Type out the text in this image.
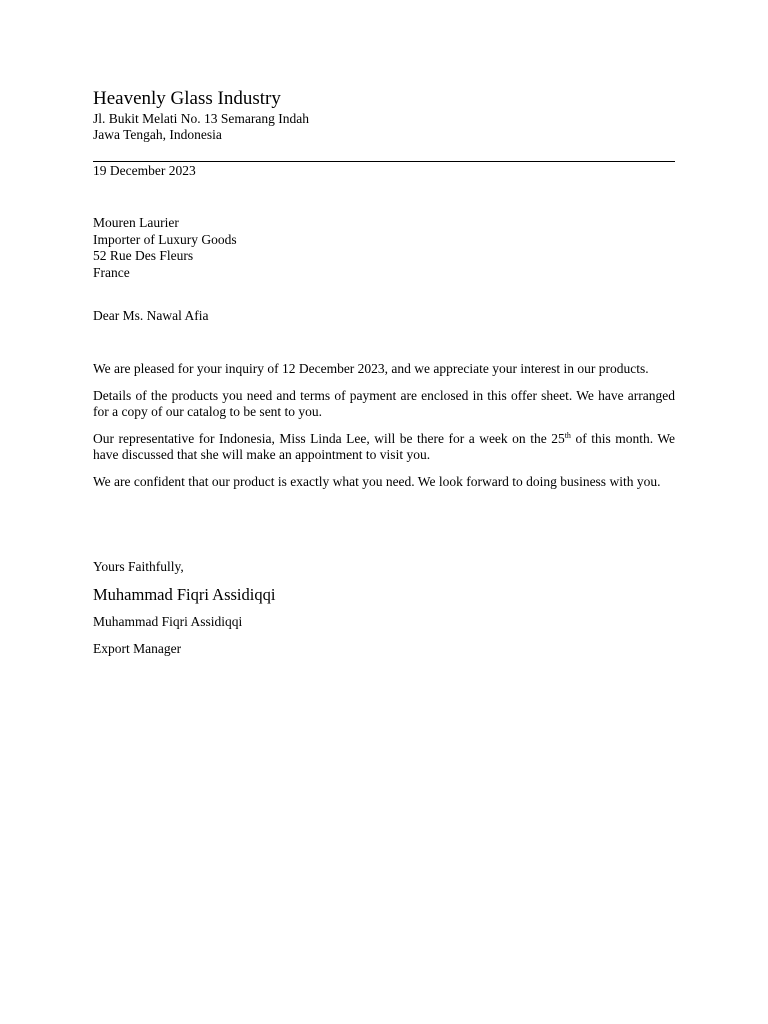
Heavenly Glass Industry
Jl. Bukit Melati No. 13 Semarang Indah
Jawa Tengah, Indonesia
19 December 2023
Mouren Laurier
Importer of Luxury Goods
52 Rue Des Fleurs
France
Dear Ms. Nawal Afia

We are pleased for your inquiry of 12 December 2023, and we appreciate your interest in our products.

Details of the products you need and terms of payment are enclosed in this offer sheet. We have arranged for a copy of our catalog to be sent to you.

Our representative for Indonesia, Miss Linda Lee, will be there for a week on the 25th of this month. We have discussed that she will make an appointment to visit you.

We are confident that our product is exactly what you need. We look forward to doing business with you.

Yours Faithfully,
Muhammad Fiqri Assidiqqi
Muhammad Fiqri Assidiqqi
Export Manager
